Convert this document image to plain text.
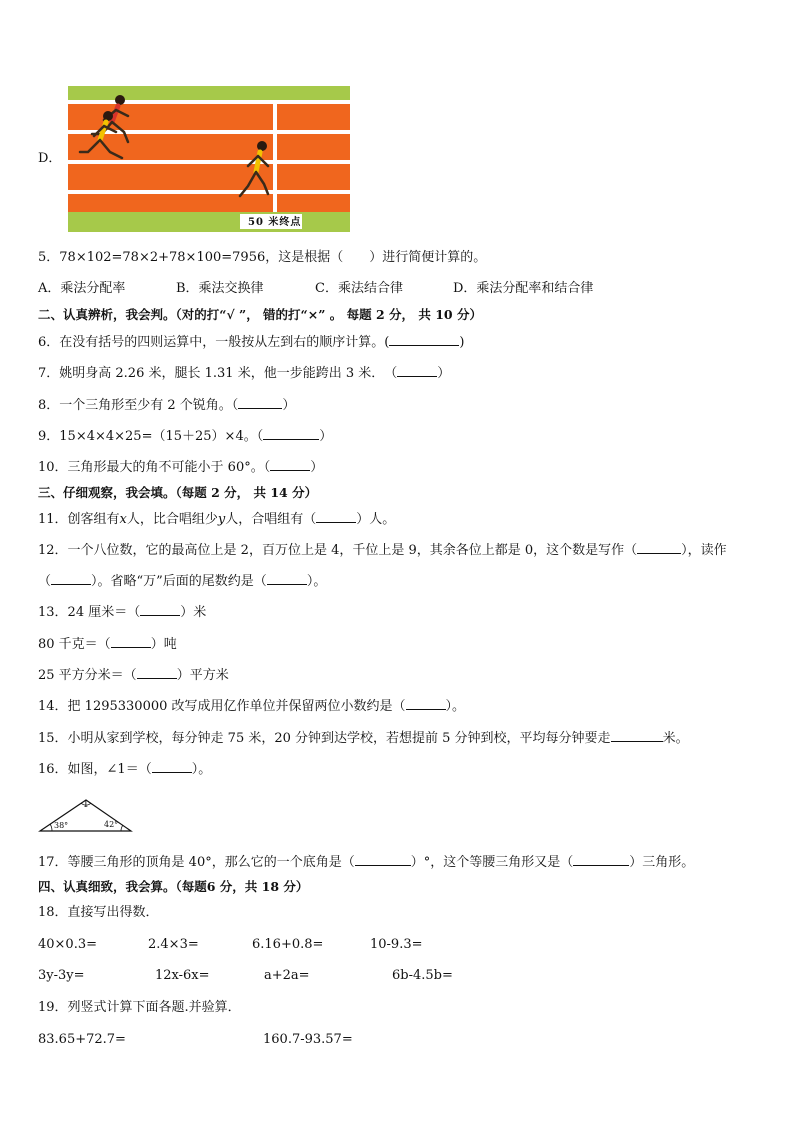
D．
50 米终点
5．78×102=78×2+78×100=7956，这是根据（　　）进行简便计算的。
A．乘法分配率	B．乘法交换律	C．乘法结合律	D．乘法分配率和结合律
二、认真辨析，我会判。（对的打“√ ”， 错的打“×” 。 每题 2 分， 共 10 分）
6．在没有括号的四则运算中，一般按从左到右的顺序计算。(	)
7．姚明身高 2.26 米，腿长 1.31 米，他一步能跨出 3 米．　（	）
8．一个三角形至少有 2 个锐角。（	）
9．15×4×4×25=（15＋25）×4。（	）
10．三角形最大的角不可能小于 60°。（	）
三、仔细观察，我会填。（每题 2 分， 共 14 分）
11．创客组有x人，比合唱组少y人，合唱组有（	）人。
12．一个八位数，它的最高位上是 2，百万位上是 4，千位上是 9，其余各位上都是 0，这个数是写作（	），读作
（	）。省略“万”后面的尾数约是（	）。
13．24 厘米＝（	）米
80 千克＝（	）吨
25 平方分米＝（	）平方米
14．把 1295330000 改写成用亿作单位并保留两位小数约是（	）。
15．小明从家到学校，每分钟走 75 米，20 分钟到达学校，若想提前 5 分钟到校，平均每分钟要走	米。
16．如图，∠1＝（	）。
1
38°	42°
17．等腰三角形的顶角是 40°，那么它的一个底角是（	）°，这个等腰三角形又是（	）三角形。
四、认真细致，我会算。（每题6 分，共 18 分）
18．直接写出得数．
40×0.3=	2.4×3=	6.16+0.8=	10-9.3=
3y-3y=	12x-6x=	a+2a=	6b-4.5b=
19．列竖式计算下面各题.并验算．
83.65+72.7=	160.7-93.57=
